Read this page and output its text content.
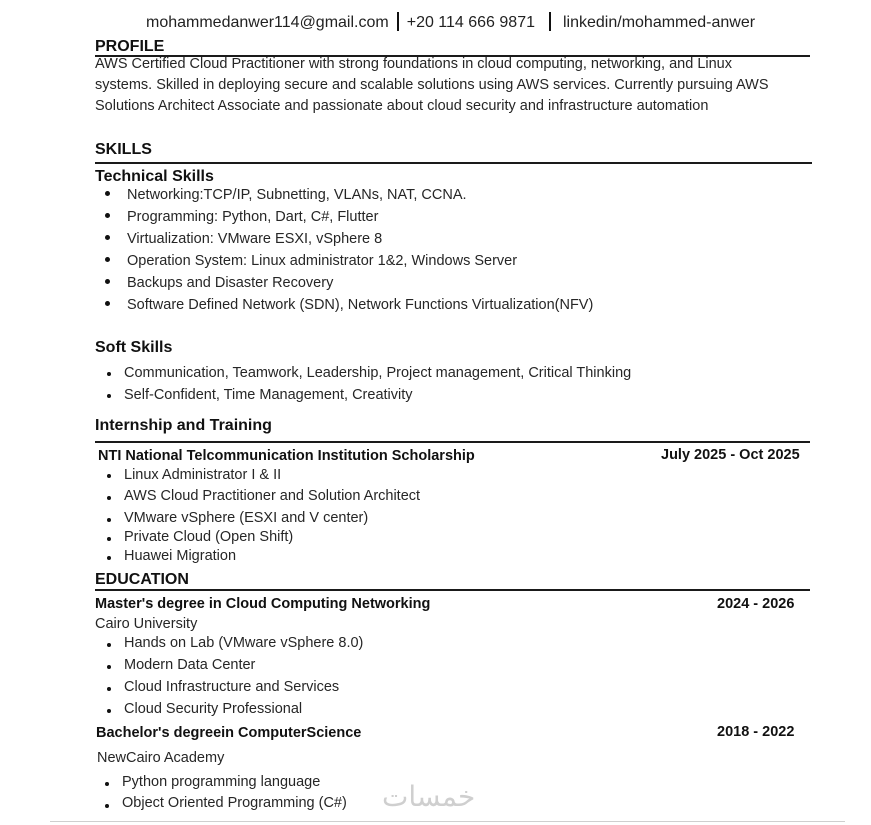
mohammedanwer114@gmail.com +20 114 666 9871 linkedin/mohammed-anwer
PROFILE
AWS Certified Cloud Practitioner with strong foundations in cloud computing, networking, and Linux
systems. Skilled in deploying secure and scalable solutions using AWS services. Currently pursuing AWS
Solutions Architect Associate and passionate about cloud security and infrastructure automation
SKILLS
Technical Skills
Networking:TCP/IP, Subnetting, VLANs, NAT, CCNA.
Programming: Python, Dart, C#, Flutter
Virtualization: VMware ESXI, vSphere 8
Operation System: Linux administrator 1&2, Windows Server
Backups and Disaster Recovery
Software Defined Network (SDN), Network Functions Virtualization(NFV)
Soft Skills
Communication, Teamwork, Leadership, Project management, Critical Thinking
Self-Confident, Time Management, Creativity
Internship and Training
NTI National Telcommunication Institution Scholarship	July 2025 - Oct 2025
Linux Administrator I & II
AWS Cloud Practitioner and Solution Architect
VMware vSphere (ESXI and V center)
Private Cloud (Open Shift)
Huawei Migration
EDUCATION
Master's degree in Cloud Computing Networking	2024 - 2026
Cairo University
Hands on Lab (VMware vSphere 8.0)
Modern Data Center
Cloud Infrastructure and Services
Cloud Security Professional
Bachelor's degreein ComputerScience	2018 - 2022
NewCairo Academy
Python programming language
Object Oriented Programming (C#) خمسات
